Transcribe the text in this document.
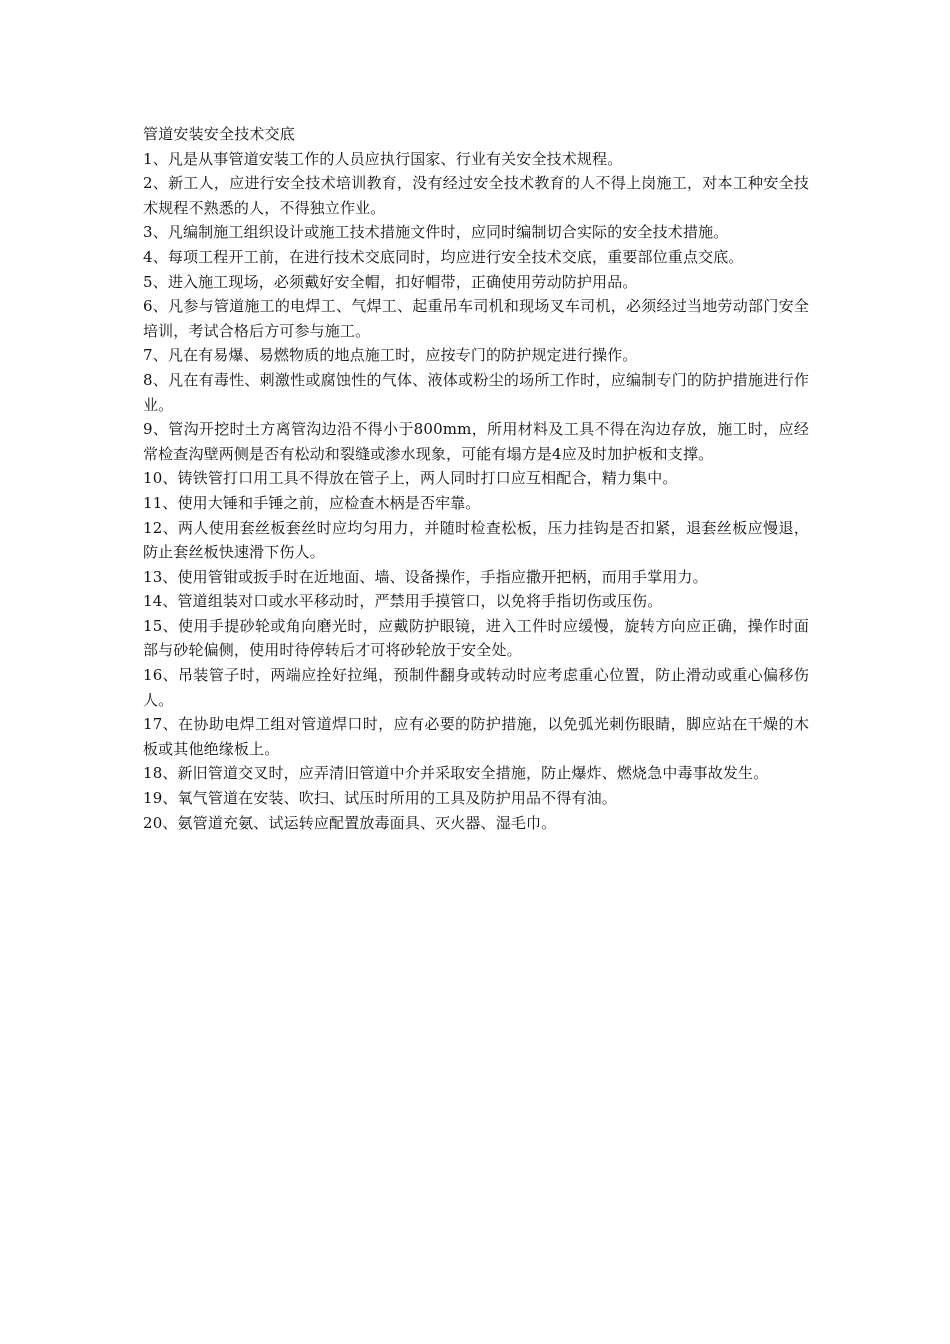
管道安装安全技术交底

1、凡是从事管道安装工作的人员应执行国家、行业有关安全技术规程。

2、新工人，应进行安全技术培训教育，没有经过安全技术教育的人不得上岗施工，对本工种安全技术规程不熟悉的人，不得独立作业。

3、凡编制施工组织设计或施工技术措施文件时，应同时编制切合实际的安全技术措施。

4、每项工程开工前，在进行技术交底同时，均应进行安全技术交底，重要部位重点交底。

5、进入施工现场，必须戴好安全帽，扣好帽带，正确使用劳动防护用品。

6、凡参与管道施工的电焊工、气焊工、起重吊车司机和现场叉车司机，必须经过当地劳动部门安全培训，考试合格后方可参与施工。

7、凡在有易爆、易燃物质的地点施工时，应按专门的防护规定进行操作。

8、凡在有毒性、刺激性或腐蚀性的气体、液体或粉尘的场所工作时，应编制专门的防护措施进行作业。

9、管沟开挖时土方离管沟边沿不得小于800mm，所用材料及工具不得在沟边存放，施工时，应经常检查沟壁两侧是否有松动和裂缝或渗水现象，可能有塌方是4应及时加护板和支撑。

10、铸铁管打口用工具不得放在管子上，两人同时打口应互相配合，精力集中。

11、使用大锤和手锤之前，应检查木柄是否牢靠。

12、两人使用套丝板套丝时应均匀用力，并随时检查松板，压力挂钩是否扣紧，退套丝板应慢退，防止套丝板快速滑下伤人。

13、使用管钳或扳手时在近地面、墙、设备操作，手指应撒开把柄，而用手掌用力。

14、管道组装对口或水平移动时，严禁用手摸管口，以免将手指切伤或压伤。

15、使用手提砂轮或角向磨光时，应戴防护眼镜，进入工件时应缓慢，旋转方向应正确，操作时面部与砂轮偏侧，使用时待停转后才可将砂轮放于安全处。

16、吊装管子时，两端应拴好拉绳，预制件翻身或转动时应考虑重心位置，防止滑动或重心偏移伤人。

17、在协助电焊工组对管道焊口时，应有必要的防护措施，以免弧光刺伤眼睛，脚应站在干燥的木板或其他绝缘板上。

18、新旧管道交叉时，应弄清旧管道中介并采取安全措施，防止爆炸、燃烧急中毒事故发生。

19、氧气管道在安装、吹扫、试压时所用的工具及防护用品不得有油。

20、氨管道充氨、试运转应配置放毒面具、灭火器、湿毛巾。
